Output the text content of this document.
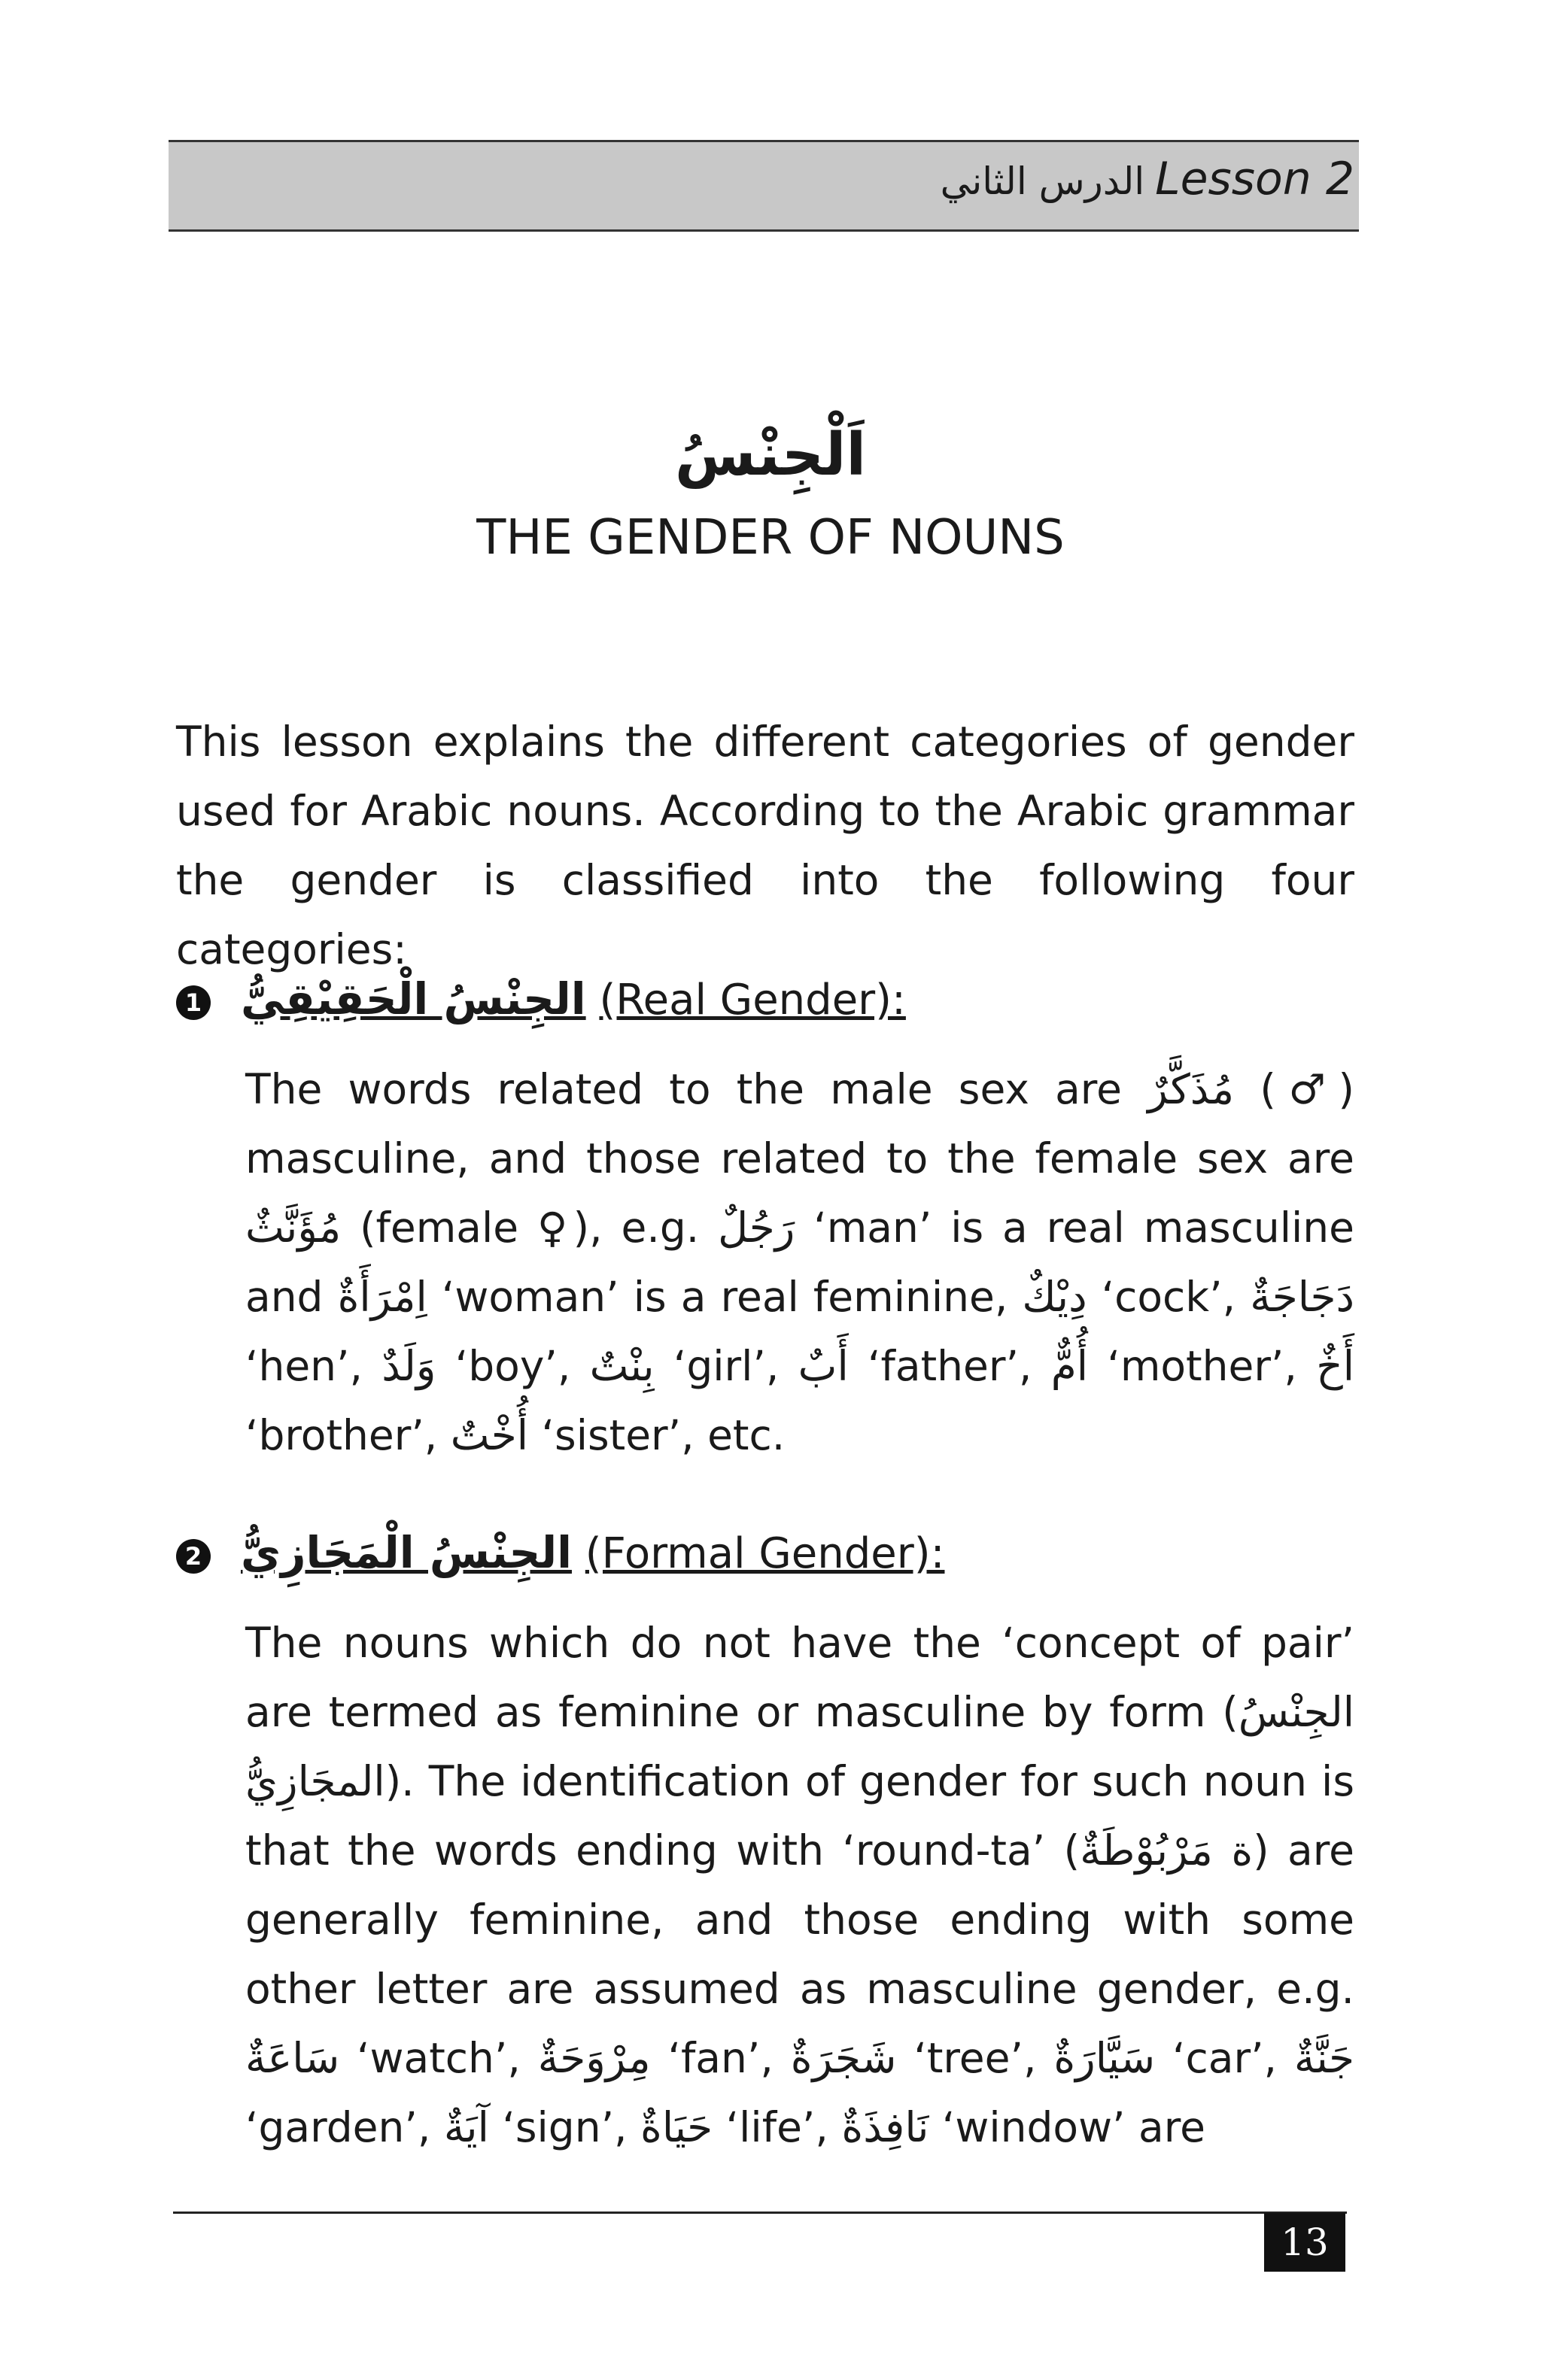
الدرس الثاني Lesson 2
اَلْجِنْسُ
THE GENDER OF NOUNS

This lesson explains the different categories of gender used for Arabic nouns. According to the Arabic grammar the gender is classified into the following four categories:

1 الجِنْسُ الْحَقِيْقِيُّ (Real Gender):

The words related to the male sex are مُذَكَّرٌ (♂) masculine, and those related to the female sex are مُؤَنَّثٌ (female ♀), e.g. رَجُلٌ ‘man’ is a real masculine and اِمْرَأَةٌ ‘woman’ is a real feminine, دِيْكٌ ‘cock’, دَجَاجَةٌ ‘hen’, وَلَدٌ ‘boy’, بِنْتٌ ‘girl’, أَبٌ ‘father’, أُمٌّ ‘mother’, أَخٌ ‘brother’, أُخْتٌ ‘sister’, etc.

2 الجِنْسُ الْمَجَازِيُّ (Formal Gender):

The nouns which do not have the ‘concept of pair’ are termed as feminine or masculine by form (الجِنْسُ المجَازِيُّ). The identification of gender for such noun is that the words ending with ‘round-ta’ (ة مَرْبُوْطَةٌ) are generally feminine, and those ending with some other letter are assumed as masculine gender, e.g. سَاعَةٌ ‘watch’, مِرْوَحَةٌ ‘fan’, شَجَرَةٌ ‘tree’, سَيَّارَةٌ ‘car’, جَنَّةٌ ‘garden’, آيَةٌ ‘sign’, حَيَاةٌ ‘life’, نَافِذَةٌ ‘window’ are

13
